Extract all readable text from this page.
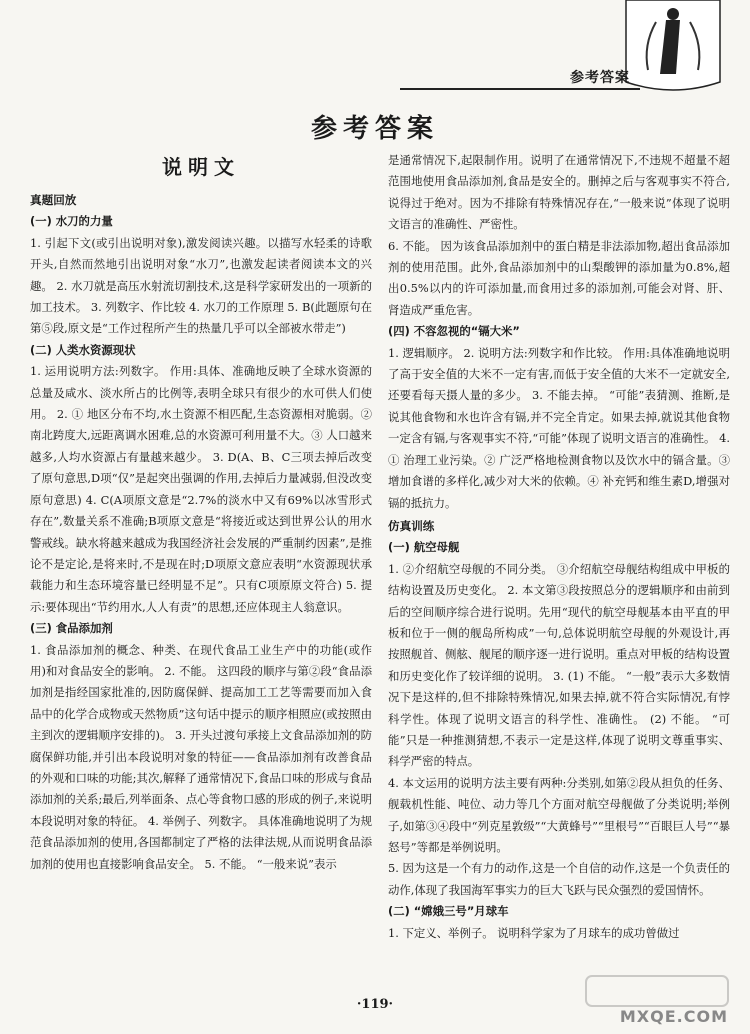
参考答案
参考答案
说明文
真题回放
(一) 水刀的力量

1. 引起下文(或引出说明对象),激发阅读兴趣。以描写水轻柔的诗歌开头,自然而然地引出说明对象“水刀”,也激发起读者阅读本文的兴趣。 2. 水刀就是高压水射流切割技术,这是科学家研发出的一项新的加工技术。 3. 列数字、作比较 4. 水刀的工作原理 5. B(此题原句在第⑤段,原文是“工作过程所产生的热量几乎可以全部被水带走”)

(二) 人类水资源现状

1. 运用说明方法:列数字。 作用:具体、准确地反映了全球水资源的总量及咸水、淡水所占的比例等,表明全球只有很少的水可供人们使用。 2. ① 地区分布不均,水土资源不相匹配,生态资源相对脆弱。② 南北跨度大,远距离调水困难,总的水资源可利用量不大。③ 人口越来越多,人均水资源占有量越来越少。 3. D(A、B、C三项去掉后改变了原句意思,D项“仅”是起突出强调的作用,去掉后力量减弱,但没改变原句意思) 4. C(A项原文意是“2.7%的淡水中又有69%以冰雪形式存在”,数量关系不准确;B项原文意是“将接近或达到世界公认的用水警戒线。缺水将越来越成为我国经济社会发展的严重制约因素”,是推论不是定论,是将来时,不是现在时;D项原文意应表明“水资源现状承载能力和生态环境容量已经明显不足”。只有C项原原文符合) 5. 提示:要体现出“节约用水,人人有责”的思想,还应体现主人翁意识。

(三) 食品添加剂

1. 食品添加剂的概念、种类、在现代食品工业生产中的功能(或作用)和对食品安全的影响。 2. 不能。 这四段的顺序与第②段“食品添加剂是指经国家批准的,因防腐保鲜、提高加工工艺等需要而加入食品中的化学合成物或天然物质”这句话中提示的顺序相照应(或按照由主到次的逻辑顺序安排的)。 3. 开头过渡句承接上文食品添加剂的防腐保鲜功能,并引出本段说明对象的特征——食品添加剂有改善食品的外观和口味的功能;其次,解释了通常情况下,食品口味的形成与食品添加剂的关系;最后,列举面条、点心等食物口感的形成的例子,来说明本段说明对象的特征。 4. 举例子、列数字。 具体准确地说明了为规范食品添加剂的使用,各国都制定了严格的法律法规,从而说明食品添加剂的使用也直接影响食品安全。 5. 不能。 “一般来说”表示

是通常情况下,起限制作用。说明了在通常情况下,不违规不超量不超范围地使用食品添加剂,食品是安全的。删掉之后与客观事实不符合,说得过于绝对。因为不排除有特殊情况存在,“一般来说”体现了说明文语言的准确性、严密性。

6. 不能。 因为该食品添加剂中的蛋白精是非法添加物,超出食品添加剂的使用范围。此外,食品添加剂中的山梨酸钾的添加量为0.8%,超出0.5%以内的许可添加量,而食用过多的添加剂,可能会对肾、肝、肾造成严重危害。

(四) 不容忽视的“镉大米”

1. 逻辑顺序。 2. 说明方法:列数字和作比较。 作用:具体准确地说明了高于安全值的大米不一定有害,而低于安全值的大米不一定就安全,还要看每天摄人量的多少。 3. 不能去掉。 “可能”表猜测、推断,是说其他食物和水也许含有镉,并不完全肯定。如果去掉,就说其他食物一定含有镉,与客观事实不符,“可能”体现了说明文语言的准确性。 4. ① 治理工业污染。② 广泛严格地检测食物以及饮水中的镉含量。③ 增加食谱的多样化,减少对大米的依赖。④ 补充钙和维生素D,增强对镉的抵抗力。

仿真训练
(一) 航空母舰

1. ②介绍航空母舰的不同分类。 ③介绍航空母舰结构组成中甲板的结构设置及历史变化。 2. 本文第③段按照总分的逻辑顺序和由前到后的空间顺序综合进行说明。先用“现代的航空母舰基本由平直的甲板和位于一侧的舰岛所构成”一句,总体说明航空母舰的外观设计,再按照舰首、侧舷、舰尾的顺序逐一进行说明。重点对甲板的结构设置和历史变化作了较详细的说明。 3. (1) 不能。 “一般”表示大多数情况下是这样的,但不排除特殊情况,如果去掉,就不符合实际情况,有悖科学性。体现了说明文语言的科学性、准确性。 (2) 不能。 “可能”只是一种推测猜想,不表示一定是这样,体现了说明文尊重事实、科学严密的特点。

4. 本文运用的说明方法主要有两种:分类别,如第②段从担负的任务、舰载机性能、吨位、动力等几个方面对航空母舰做了分类说明;举例子,如第③④段中“列克星敦级”“大黄蜂号”“里根号”“百眼巨人号”“暴怒号”等都是举例说明。

5. 因为这是一个有力的动作,这是一个自信的动作,这是一个负责任的动作,体现了我国海军事实力的巨大飞跃与民众强烈的爱国情怀。

(二) “嫦娥三号”月球车

1. 下定义、举例子。 说明科学家为了月球车的成功曾做过

·119·
MXQE.COM
